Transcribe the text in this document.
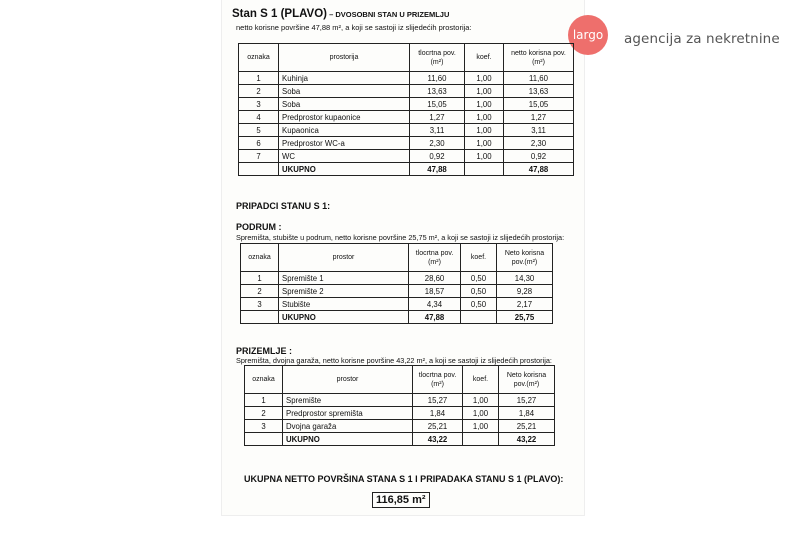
largo	agencija za nekretnine
Stan S 1 (PLAVO) – DVOSOBNI STAN U PRIZEMLJU
netto korisne površine 47,88 m², a koji se sastoji iz slijedećih prostorija:
oznaka	prostorija	tlocrtna pov.(m²)	koef.	netto korisna pov.(m²)
1	Kuhinja	11,60	1,00	11,60
2	Soba	13,63	1,00	13,63
3	Soba	15,05	1,00	15,05
4	Predprostor kupaonice	1,27	1,00	1,27
5	Kupaonica	3,11	1,00	3,11
6	Predprostor WC-a	2,30	1,00	2,30
7	WC	0,92	1,00	0,92
	UKUPNO	47,88		47,88
PRIPADCI STANU S 1:
PODRUM :
Spremišta, stubište u podrum, netto korisne površine 25,75 m², a koji se sastoji iz slijedećih prostorija:
oznaka	prostor	tlocrtna pov.(m²)	koef.	Neto korisna pov.(m²)
1	Spremište 1	28,60	0,50	14,30
2	Spremište 2	18,57	0,50	9,28
3	Stubište	4,34	0,50	2,17
	UKUPNO	47,88		25,75
PRIZEMLJE :
Spremišta, dvojna garaža, netto korisne površine 43,22 m², a koji se sastoji iz slijedećih prostorija:
oznaka	prostor	tlocrtna pov.(m²)	koef.	Neto korisna pov.(m²)
1	Spremište	15,27	1,00	15,27
2	Predprostor spremišta	1,84	1,00	1,84
3	Dvojna garaža	25,21	1,00	25,21
	UKUPNO	43,22		43,22
UKUPNA NETTO POVRŠINA STANA S 1 I PRIPADAKA STANU S 1 (PLAVO):
116,85 m²
